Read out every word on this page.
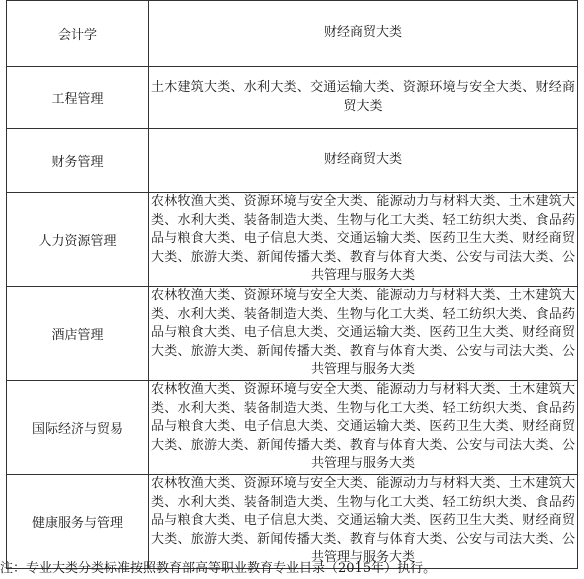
会计学	财经商贸大类
工程管理	土木建筑大类、水利大类、交通运输大类、资源环境与安全大类、财经商贸大类
财务管理	财经商贸大类
人力资源管理	农林牧渔大类、资源环境与安全大类、能源动力与材料大类、土木建筑大类、水利大类、装备制造大类、生物与化工大类、轻工纺织大类、食品药品与粮食大类、电子信息大类、交通运输大类、医药卫生大类、财经商贸大类、旅游大类、新闻传播大类、教育与体育大类、公安与司法大类、公共管理与服务大类
酒店管理	农林牧渔大类、资源环境与安全大类、能源动力与材料大类、土木建筑大类、水利大类、装备制造大类、生物与化工大类、轻工纺织大类、食品药品与粮食大类、电子信息大类、交通运输大类、医药卫生大类、财经商贸大类、旅游大类、新闻传播大类、教育与体育大类、公安与司法大类、公共管理与服务大类
国际经济与贸易	农林牧渔大类、资源环境与安全大类、能源动力与材料大类、土木建筑大类、水利大类、装备制造大类、生物与化工大类、轻工纺织大类、食品药品与粮食大类、电子信息大类、交通运输大类、医药卫生大类、财经商贸大类、旅游大类、新闻传播大类、教育与体育大类、公安与司法大类、公共管理与服务大类
健康服务与管理	农林牧渔大类、资源环境与安全大类、能源动力与材料大类、土木建筑大类、水利大类、装备制造大类、生物与化工大类、轻工纺织大类、食品药品与粮食大类、电子信息大类、交通运输大类、医药卫生大类、财经商贸大类、旅游大类、新闻传播大类、教育与体育大类、公安与司法大类、公共管理与服务大类
注：专业大类分类标准按照教育部高等职业教育专业目录（2015年）执行。
